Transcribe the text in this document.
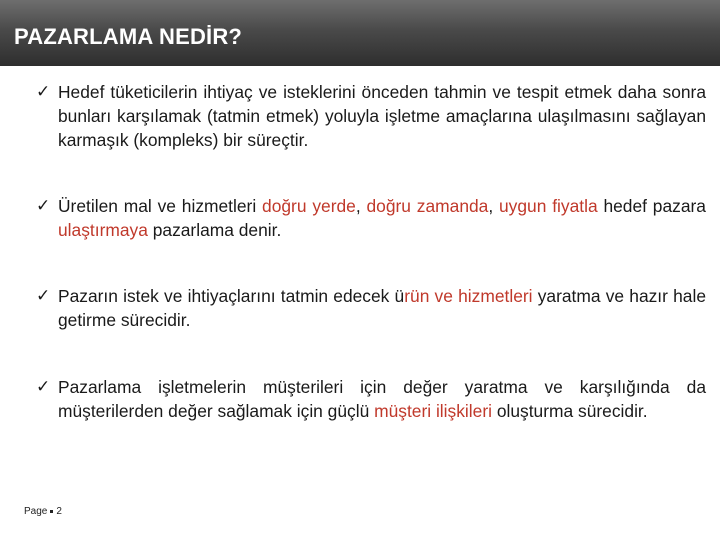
PAZARLAMA NEDİR?
✓ Hedef tüketicilerin ihtiyaç ve isteklerini önceden tahmin ve tespit etmek daha sonra bunları karşılamak (tatmin etmek) yoluyla işletme amaçlarına ulaşılmasını sağlayan karmaşık (kompleks) bir süreçtir.
✓ Üretilen mal ve hizmetleri doğru yerde, doğru zamanda, uygun fiyatla hedef pazara ulaştırmaya pazarlama denir.
✓ Pazarın istek ve ihtiyaçlarını tatmin edecek ürün ve hizmetleri yaratma ve hazır hale getirme sürecidir.
✓ Pazarlama işletmelerin müşterileri için değer yaratma ve karşılığında da müşterilerden değer sağlamak için güçlü müşteri ilişkileri oluşturma sürecidir.
Page 2
